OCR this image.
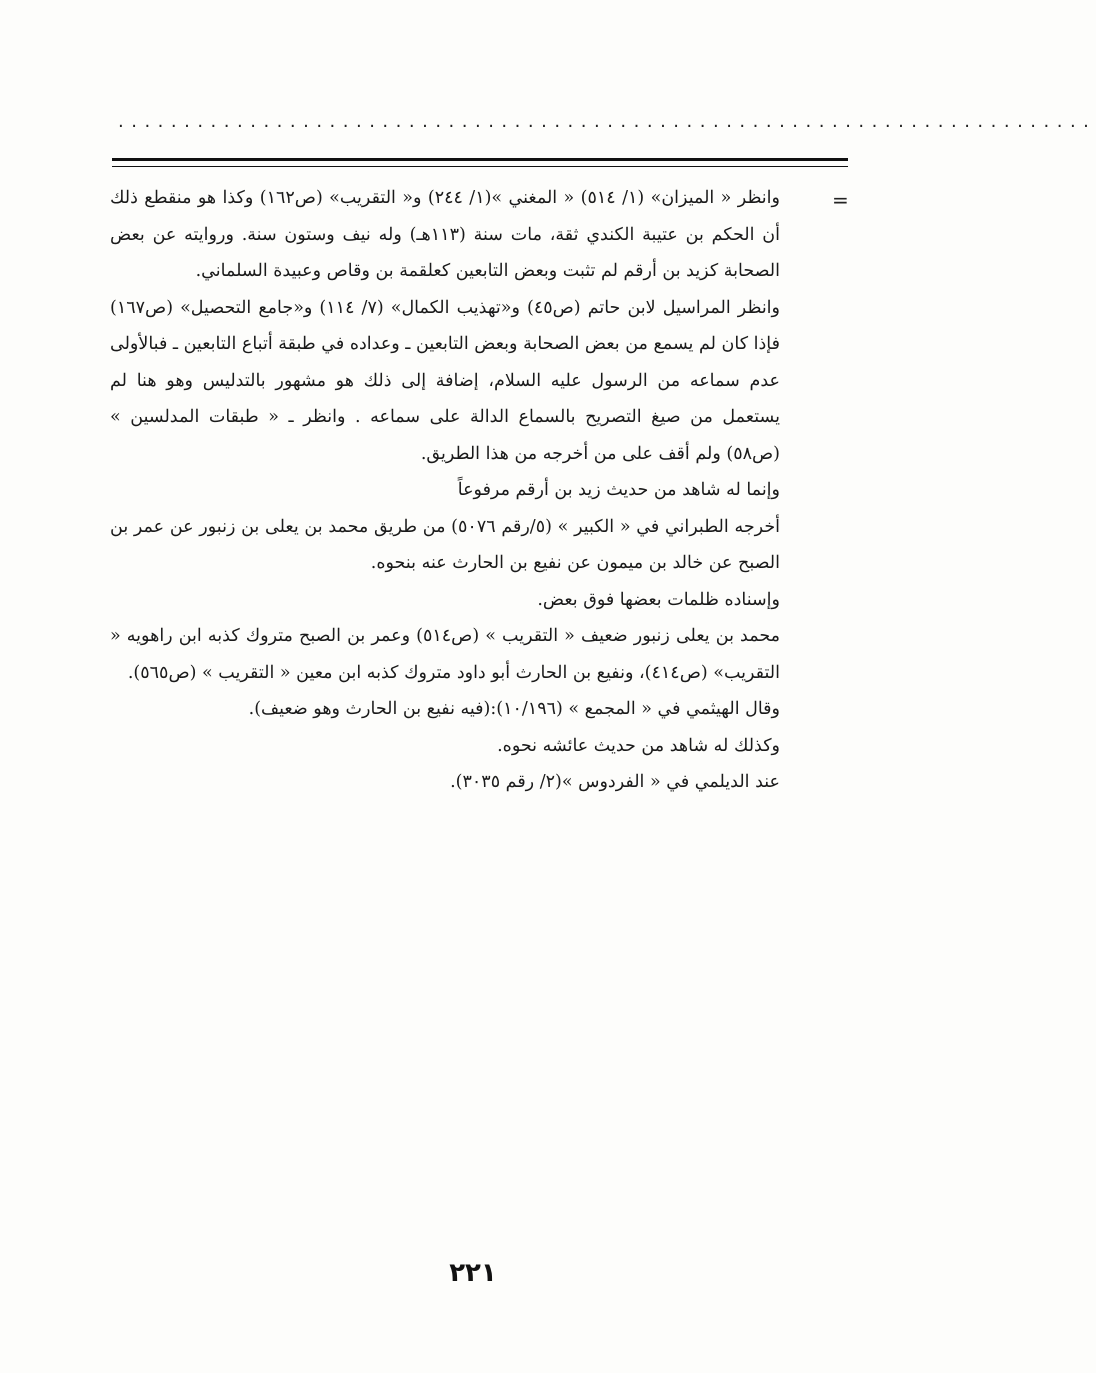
..........................................................................
=

وانظر « الميزان» (١/ ٥١٤) « المغني »(١/ ٢٤٤) و« التقريب» (ص١٦٢) وكذا هو منقطع ذلك أن الحكم بن عتيبة الكندي ثقة، مات سنة (١١٣هـ) وله نيف وستون سنة. وروايته عن بعض الصحابة كزيد بن أرقم لم تثبت وبعض التابعين كعلقمة بن وقاص وعبيدة السلماني.

وانظر المراسيل لابن حاتم (ص٤٥) و«تهذيب الكمال» (٧/ ١١٤) و«جامع التحصيل» (ص١٦٧) فإذا كان لم يسمع من بعض الصحابة وبعض التابعين ـ وعداده في طبقة أتباع التابعين ـ فبالأولى عدم سماعه من الرسول عليه السلام، إضافة إلى ذلك هو مشهور بالتدليس وهو هنا لم يستعمل من صيغ التصريح بالسماع الدالة على سماعه . وانظر ـ « طبقات المدلسين » (ص٥٨) ولم أقف على من أخرجه من هذا الطريق.

وإنما له شاهد من حديث زيد بن أرقم مرفوعاً

أخرجه الطبراني في « الكبير » (٥/رقم ٥٠٧٦) من طريق محمد بن يعلى بن زنبور عن عمر بن الصبح عن خالد بن ميمون عن نفيع بن الحارث عنه بنحوه.

وإسناده ظلمات بعضها فوق بعض.

محمد بن يعلى زنبور ضعيف « التقريب » (ص٥١٤) وعمر بن الصبح متروك كذبه ابن راهويه « التقريب» (ص٤١٤)، ونفيع بن الحارث أبو داود متروك كذبه ابن معين « التقريب » (ص٥٦٥).

وقال الهيثمي في « المجمع » (١٠/١٩٦):(فيه نفيع بن الحارث وهو ضعيف).

وكذلك له شاهد من حديث عائشه نحوه.

عند الديلمي في « الفردوس »(٢/ رقم ٣٠٣٥).

٢٢١
